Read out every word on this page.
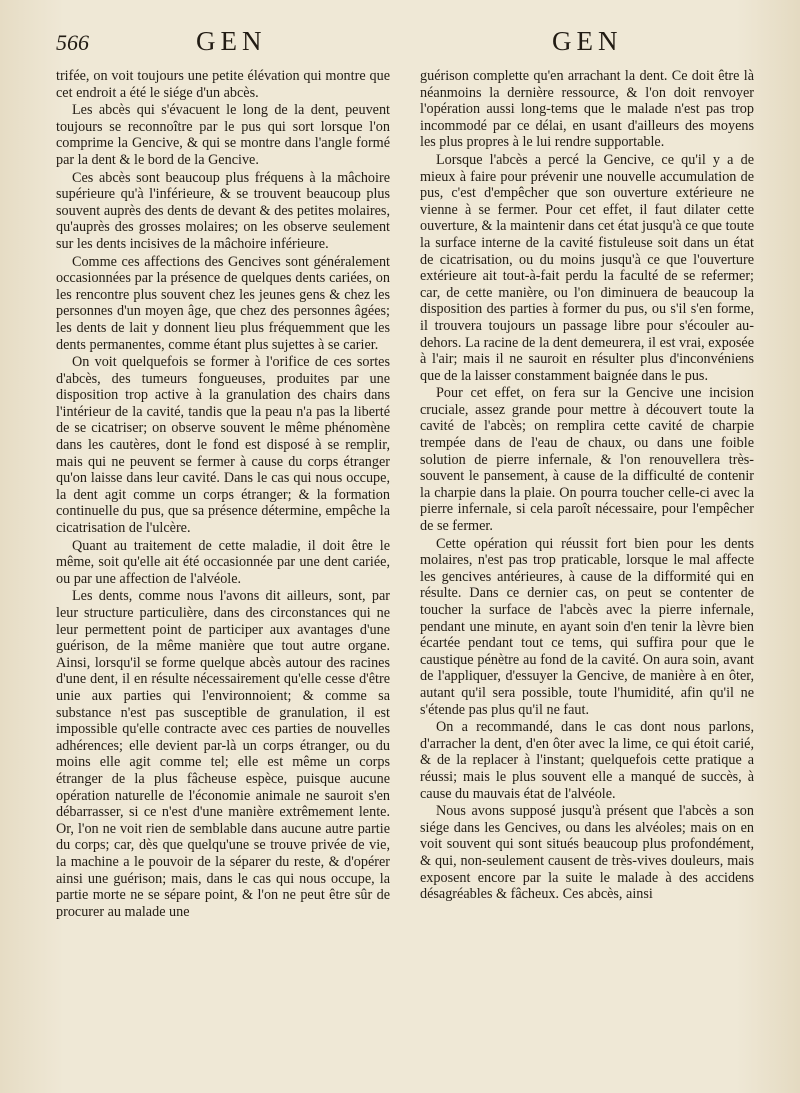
566	GEN	GEN

trifée, on voit toujours une petite élévation qui montre que cet endroit a été le siége d'un abcès.

Les abcès qui s'évacuent le long de la dent, peuvent toujours se reconnoître par le pus qui sort lorsque l'on comprime la Gencive, & qui se montre dans l'angle formé par la dent & le bord de la Gencive.

Ces abcès sont beaucoup plus fréquens à la mâchoire supérieure qu'à l'inférieure, & se trouvent beaucoup plus souvent auprès des dents de devant & des petites molaires, qu'auprès des grosses molaires; on les observe seulement sur les dents incisives de la mâchoire inférieure.

Comme ces affections des Gencives sont généralement occasionnées par la présence de quelques dents cariées, on les rencontre plus souvent chez les jeunes gens & chez les personnes d'un moyen âge, que chez des personnes âgées; les dents de lait y donnent lieu plus fréquemment que les dents permanentes, comme étant plus sujettes à se carier.

On voit quelquefois se former à l'orifice de ces sortes d'abcès, des tumeurs fongueuses, produites par une disposition trop active à la granulation des chairs dans l'intérieur de la cavité, tandis que la peau n'a pas la liberté de se cicatriser; on observe souvent le même phénomène dans les cautères, dont le fond est disposé à se remplir, mais qui ne peuvent se fermer à cause du corps étranger qu'on laisse dans leur cavité. Dans le cas qui nous occupe, la dent agit comme un corps étranger; & la formation continuelle du pus, que sa présence détermine, empêche la cicatrisation de l'ulcère.

Quant au traitement de cette maladie, il doit être le même, soit qu'elle ait été occasionnée par une dent cariée, ou par une affection de l'alvéole.

Les dents, comme nous l'avons dit ailleurs, sont, par leur structure particulière, dans des circonstances qui ne leur permettent point de participer aux avantages d'une guérison, de la même manière que tout autre organe. Ainsi, lorsqu'il se forme quelque abcès autour des racines d'une dent, il en résulte nécessairement qu'elle cesse d'être unie aux parties qui l'environnoient; & comme sa substance n'est pas susceptible de granulation, il est impossible qu'elle contracte avec ces parties de nouvelles adhérences; elle devient par-là un corps étranger, ou du moins elle agit comme tel; elle est même un corps étranger de la plus fâcheuse espèce, puisque aucune opération naturelle de l'économie animale ne sauroit s'en débarrasser, si ce n'est d'une manière extrêmement lente. Or, l'on ne voit rien de semblable dans aucune autre partie du corps; car, dès que quelqu'une se trouve privée de vie, la machine a le pouvoir de la séparer du reste, & d'opérer ainsi une guérison; mais, dans le cas qui nous occupe, la partie morte ne se sépare point, & l'on ne peut être sûr de procurer au malade une

guérison complette qu'en arrachant la dent. Ce doit être là néanmoins la dernière ressource, & l'on doit renvoyer l'opération aussi long-tems que le malade n'est pas trop incommodé par ce délai, en usant d'ailleurs des moyens les plus propres à le lui rendre supportable.

Lorsque l'abcès a percé la Gencive, ce qu'il y a de mieux à faire pour prévenir une nouvelle accumulation de pus, c'est d'empêcher que son ouverture extérieure ne vienne à se fermer. Pour cet effet, il faut dilater cette ouverture, & la maintenir dans cet état jusqu'à ce que toute la surface interne de la cavité fistuleuse soit dans un état de cicatrisation, ou du moins jusqu'à ce que l'ouverture extérieure ait tout-à-fait perdu la faculté de se refermer; car, de cette manière, ou l'on diminuera de beaucoup la disposition des parties à former du pus, ou s'il s'en forme, il trouvera toujours un passage libre pour s'écouler au-dehors. La racine de la dent demeurera, il est vrai, exposée à l'air; mais il ne sauroit en résulter plus d'inconvéniens que de la laisser constamment baignée dans le pus.

Pour cet effet, on fera sur la Gencive une incision cruciale, assez grande pour mettre à découvert toute la cavité de l'abcès; on remplira cette cavité de charpie trempée dans de l'eau de chaux, ou dans une foible solution de pierre infernale, & l'on renouvellera très-souvent le pansement, à cause de la difficulté de contenir la charpie dans la plaie. On pourra toucher celle-ci avec la pierre infernale, si cela paroît nécessaire, pour l'empêcher de se fermer.

Cette opération qui réussit fort bien pour les dents molaires, n'est pas trop praticable, lorsque le mal affecte les gencives antérieures, à cause de la difformité qui en résulte. Dans ce dernier cas, on peut se contenter de toucher la surface de l'abcès avec la pierre infernale, pendant une minute, en ayant soin d'en tenir la lèvre bien écartée pendant tout ce tems, qui suffira pour que le caustique pénètre au fond de la cavité. On aura soin, avant de l'appliquer, d'essuyer la Gencive, de manière à en ôter, autant qu'il sera possible, toute l'humidité, afin qu'il ne s'étende pas plus qu'il ne faut.

On a recommandé, dans le cas dont nous parlons, d'arracher la dent, d'en ôter avec la lime, ce qui étoit carié, & de la replacer à l'instant; quelquefois cette pratique a réussi; mais le plus souvent elle a manqué de succès, à cause du mauvais état de l'alvéole.

Nous avons supposé jusqu'à présent que l'abcès a son siége dans les Gencives, ou dans les alvéoles; mais on en voit souvent qui sont situés beaucoup plus profondément, & qui, non-seulement causent de très-vives douleurs, mais exposent encore par la suite le malade à des accidens désagréables & fâcheux. Ces abcès, ainsi
